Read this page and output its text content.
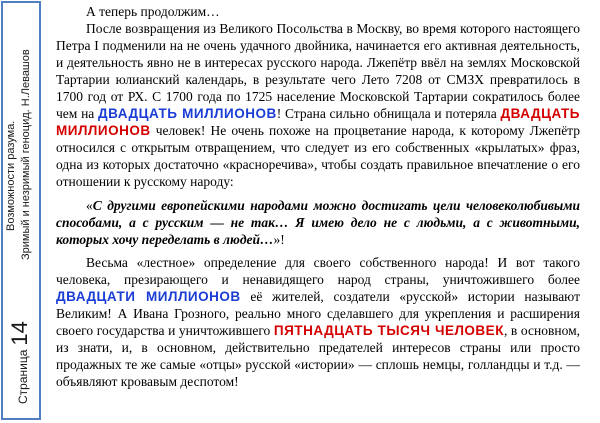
Возможности разума. Зримый и незримый геноцид. Н.Левашов
Страница
14

А теперь продолжим…

После возвращения из Великого Посольства в Москву, во время которого настоящего Петра I подменили на не очень удачного двойника, начинается его активная деятельность, и деятельность явно не в интересах русского народа. Лжепётр ввёл на землях Московской Тартарии юлианский календарь, в результате чего Лето 7208 от СМЗХ превратилось в 1700 год от РХ. С 1700 года по 1725 население Московской Тартарии сократилось более чем на ДВАДЦАТЬ МИЛЛИОНОВ! Страна сильно обнищала и потеряла ДВАДЦАТЬ МИЛЛИОНОВ человек! Не очень похоже на процветание народа, к которому Лжепётр относился с открытым отвращением, что следует из его собственных «крылатых» фраз, одна из которых достаточно «красноречива», чтобы создать правильное впечатление о его отношении к русскому народу:

«С другими европейскими народами можно достигать цели человеколюбивыми способами, а с русским — не так… Я имею дело не с людьми, а с животными, которых хочу переделать в людей…»!

Весьма «лестное» определение для своего собственного народа! И вот такого человека, презирающего и ненавидящего народ страны, уничтожившего более ДВАДЦАТИ МИЛЛИОНОВ её жителей, создатели «русской» истории называют Великим! А Ивана Грозного, реально много сделавшего для укрепления и расширения своего государства и уничтожившего ПЯТНАДЦАТЬ ТЫСЯЧ ЧЕЛОВЕК, в основном, из знати, и, в основном, действительно предателей интересов страны или просто продажных те же самые «отцы» русской «истории» — сплошь немцы, голландцы и т.д. — объявляют кровавым деспотом!
